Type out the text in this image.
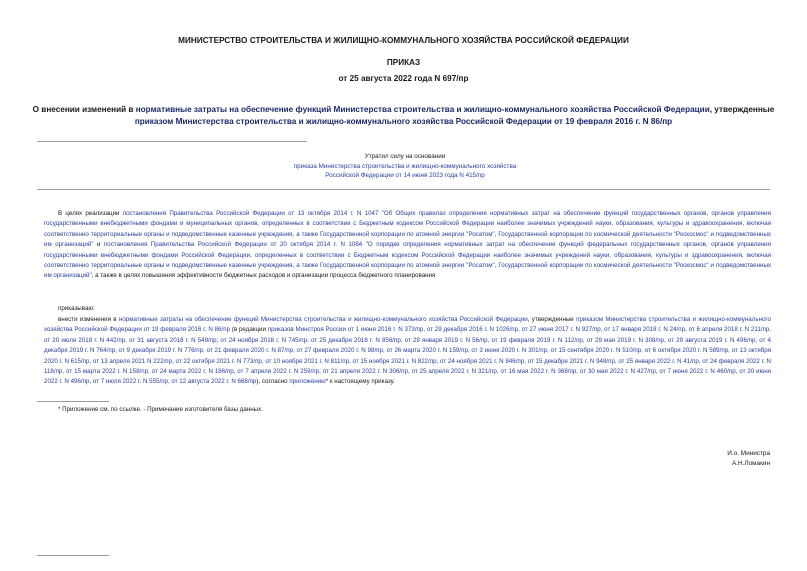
МИНИСТЕРСТВО СТРОИТЕЛЬСТВА И ЖИЛИЩНО-КОММУНАЛЬНОГО ХОЗЯЙСТВА РОССИЙСКОЙ ФЕДЕРАЦИИ
ПРИКАЗ
от 25 августа 2022 года N 697/пр
О внесении изменений в нормативные затраты на обеспечение функций Министерства строительства и жилищно-коммунального хозяйства Российской Федерации, утвержденные приказом Министерства строительства и жилищно-коммунального хозяйства Российской Федерации от 19 февраля 2016 г. N 86/пр
Утратил силу на основании
приказа Министерства строительства и жилищно-коммунального хозяйства
Российской Федерации от 14 июня 2023 года N 415/пр
В целях реализации постановления Правительства Российской Федерации от 13 октября 2014 г. N 1047 "Об Общих правилах определения нормативных затрат на обеспечение функций государственных органов, органов управления государственными внебюджетными фондами и муниципальных органов, определенных в соответствии с Бюджетным кодексом Российской Федерации наиболее значимых учреждений науки, образования, культуры и здравоохранения, включая соответственно территориальные органы и подведомственные казенные учреждения, а также Государственной корпорации по атомной энергии "Росатом", Государственной корпорации по космической деятельности "Роскосмос" и подведомственных им организаций" и постановления Правительства Российской Федерации от 20 октября 2014 г. N 1084 "О порядке определения нормативных затрат на обеспечение функций федеральных государственных органов, органов управления государственными внебюджетными фондами Российской Федерации, определенных в соответствии с Бюджетным кодексом Российской Федерации наиболее значимых учреждений науки, образования, культуры и здравоохранения, включая соответственно территориальные органы и подведомственные казенные учреждения, а также Государственной корпорации по атомной энергии "Росатом", Государственной корпорации по космической деятельности "Роскосмос" и подведомственных им организаций", а также в целях повышения эффективности бюджетных расходов и организации процесса бюджетного планирования
приказываю:
внести изменения в нормативные затраты на обеспечение функций Министерства строительства и жилищно-коммунального хозяйства Российской Федерации, утвержденные приказом Министерства строительства и жилищно-коммунального хозяйства Российской Федерации от 19 февраля 2016 г. N 86/пр (в редакции приказов Минстроя России от 1 июня 2016 г. N 373/пр, от 29 декабря 2016 г. N 1026/пр, от 27 июня 2017 г. N 927/пр, от 17 января 2018 г. N 24/пр, от 6 апреля 2018 г. N 211/пр, от 20 июля 2018 г. N 442/пр, от 31 августа 2018 г. N 549/пр, от 24 ноября 2018 г. N 745/пр, от 25 декабря 2018 г. N 856/пр, от 29 января 2019 г. N 56/пр, от 19 февраля 2019 г. N 112/пр, от 29 мая 2019 г. N 308/пр, от 29 августа 2019 г. N 496/пр, от 4 декабря 2019 г. N 764/пр, от 9 декабря 2019 г. N 776/пр, от 21 февраля 2020 г. N 87/пр, от 27 февраля 2020 г. N 98/пр, от 26 марта 2020 г. N 159/пр, от 3 июня 2020 г. N 301/пр, от 15 сентября 2020 г. N 510/пр, от 6 октября 2020 г. N 589/пр, от 13 октября 2020 г. N 615/пр, от 13 апреля 2021 N 222/пр, от 22 октября 2021 г. N 773/пр, от 10 ноября 2021 г. N 811/пр, от 15 ноября 2021 г. N 822/пр, от 24 ноября 2021 г. N 846/пр, от 15 декабря 2021 г. N 948/пр, от 25 января 2022 г. N 41/пр, от 24 февраля 2022 г. N 118/пр, от 15 марта 2022 г. N 158/пр, от 24 марта 2022 г. N 186/пр, от 7 апреля 2022 г. N 259/пр, от 21 апреля 2022 г. N 306/пр, от 25 апреля 2022 г. N 321/пр, от 16 мая 2022 г. N 368/пр, от 30 мая 2022 г. N 427/пр, от 7 июня 2022 г. N 460/пр, от 20 июня 2022 г. N 496/пр, от 7 июля 2022 г. N 555/пр, от 12 августа 2022 г. N 668/пр), согласно приложению* к настоящему приказу.
* Приложение см. по ссылке. - Примечание изготовителя базы данных.
И.о. Министра
А.Н.Ломакин
